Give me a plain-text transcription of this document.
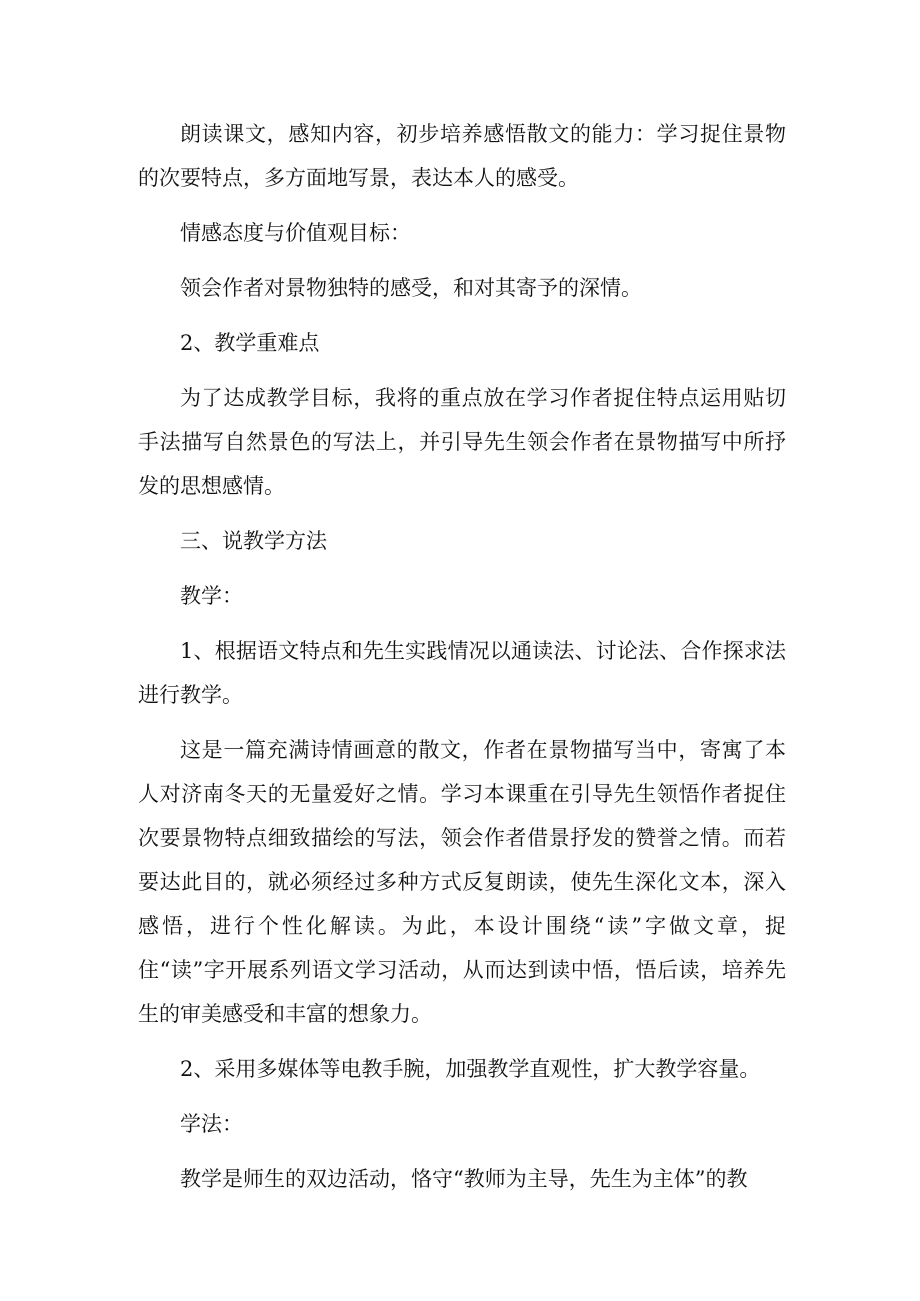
朗读课文，感知内容，初步培养感悟散文的能力：学习捉住景物的次要特点，多方面地写景，表达本人的感受。

情感态度与价值观目标：

领会作者对景物独特的感受，和对其寄予的深情。

2、教学重难点

为了达成教学目标，我将的重点放在学习作者捉住特点运用贴切手法描写自然景色的写法上，并引导先生领会作者在景物描写中所抒发的思想感情。

三、说教学方法

教学：

1、根据语文特点和先生实践情况以通读法、讨论法、合作探求法进行教学。

这是一篇充满诗情画意的散文，作者在景物描写当中，寄寓了本人对济南冬天的无量爱好之情。学习本课重在引导先生领悟作者捉住次要景物特点细致描绘的写法，领会作者借景抒发的赞誉之情。而若要达此目的，就必须经过多种方式反复朗读，使先生深化文本，深入感悟，进行个性化解读。为此，本设计围绕“读”字做文章，捉住“读”字开展系列语文学习活动，从而达到读中悟，悟后读，培养先生的审美感受和丰富的想象力。

2、采用多媒体等电教手腕，加强教学直观性，扩大教学容量。

学法：

教学是师生的双边活动，恪守“教师为主导，先生为主体”的教
